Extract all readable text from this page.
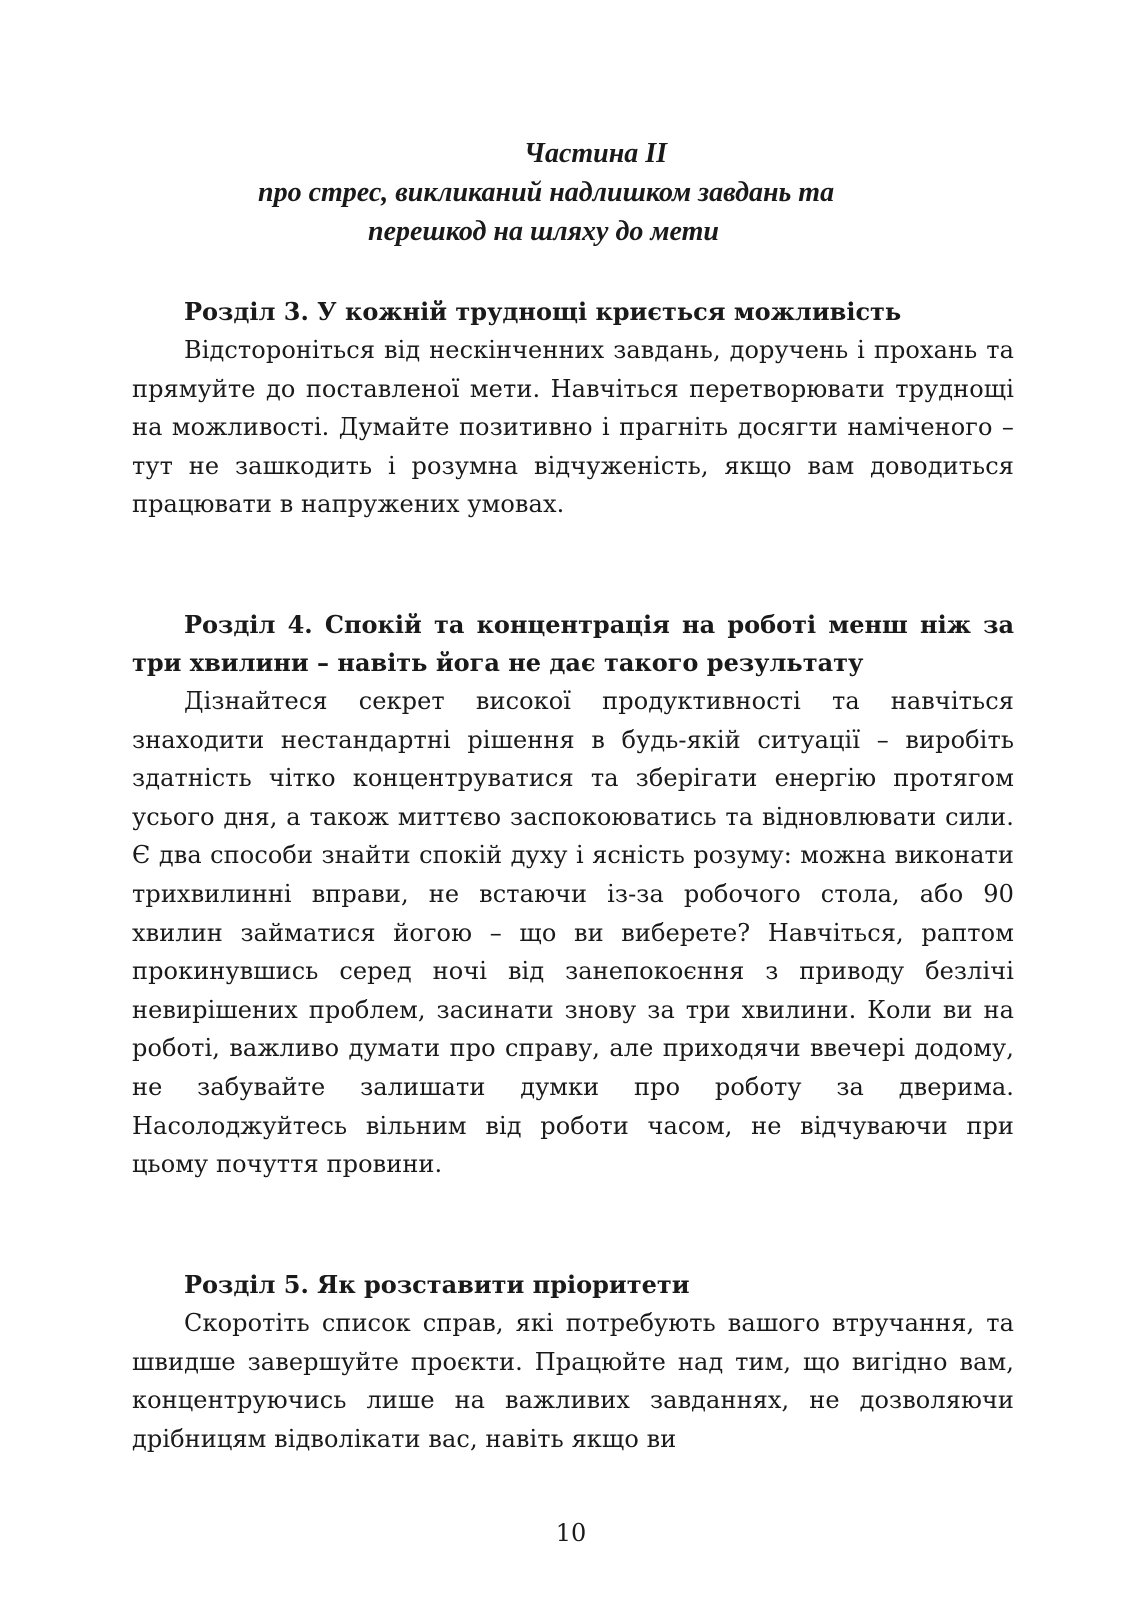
Частина ІІ
про стрес, викликаний надлишком завдань та
перешкод на шляху до мети

Розділ 3. У кожній труднощі криється можливість

Відстороніться від нескінченних завдань, доручень і прохань та прямуйте до поставленої мети. Навчіться перетворювати труднощі на можливості. Думайте позитивно і прагніть досягти наміченого – тут не зашкодить і розумна відчуженість, якщо вам доводиться працювати в напружених умовах.

Розділ 4. Спокій та концентрація на роботі менш ніж за три хвилини – навіть йога не дає такого результату

Дізнайтеся секрет високої продуктивності та навчіться знаходити нестандартні рішення в будь-якій ситуації – виробіть здатність чітко концентруватися та зберігати енергію протягом усього дня, а також миттєво заспокоюватись та відновлювати сили. Є два способи знайти спокій духу і ясність розуму: можна виконати трихвилинні вправи, не встаючи із-за робочого стола, або 90 хвилин займатися йогою – що ви виберете? Навчіться, раптом прокинувшись серед ночі від занепокоєння з приводу безлічі невирішених проблем, засинати знову за три хвилини. Коли ви на роботі, важливо думати про справу, але приходячи ввечері додому, не забувайте залишати думки про роботу за дверима. Насолоджуйтесь вільним від роботи часом, не відчуваючи при цьому почуття провини.

Розділ 5. Як розставити пріоритети

Скоротіть список справ, які потребують вашого втручання, та швидше завершуйте проєкти. Працюйте над тим, що вигідно вам, концентруючись лише на важливих завданнях, не дозволяючи дрібницям відволікати вас, навіть якщо ви

10
